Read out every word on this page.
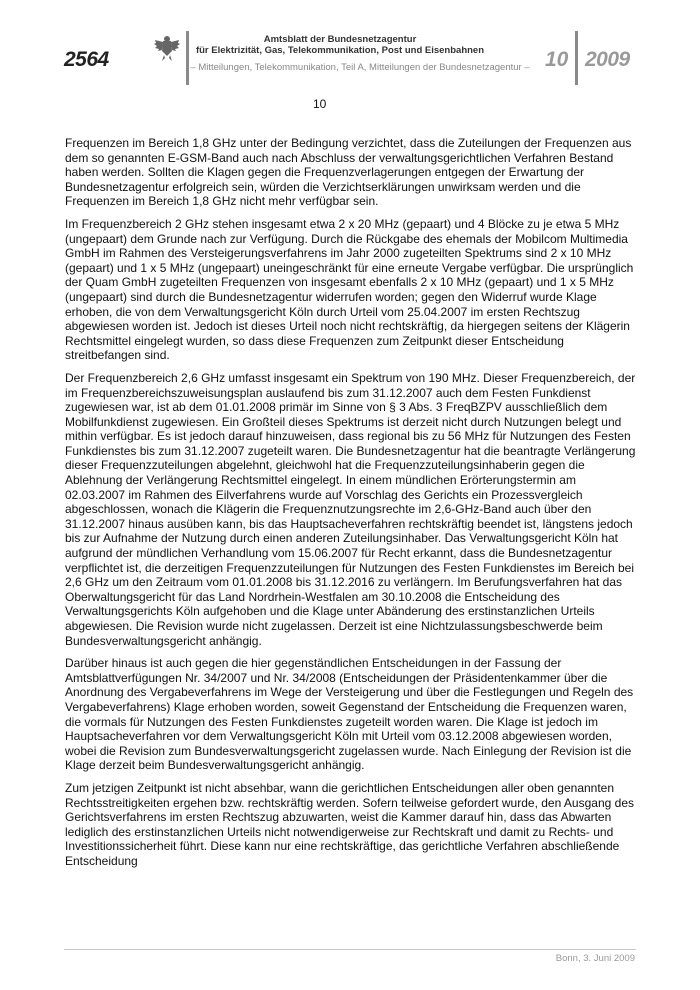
2564
Amtsblatt der Bundesnetzagentur
für Elektrizität, Gas, Telekommunikation, Post und Eisenbahnen
– Mitteilungen, Telekommunikation, Teil A, Mitteilungen der Bundesnetzagentur – 10 2009
10

Frequenzen im Bereich 1,8 GHz unter der Bedingung verzichtet, dass die Zuteilungen der Frequenzen aus dem so genannten E-GSM-Band auch nach Abschluss der verwaltungsgerichtlichen Verfahren Bestand haben werden. Sollten die Klagen gegen die Frequenzverlagerungen entgegen der Erwartung der Bundesnetzagentur erfolgreich sein, würden die Verzichtserklärungen unwirksam werden und die Frequenzen im Bereich 1,8 GHz nicht mehr verfügbar sein.

Im Frequenzbereich 2 GHz stehen insgesamt etwa 2 x 20 MHz (gepaart) und 4 Blöcke zu je etwa 5 MHz (ungepaart) dem Grunde nach zur Verfügung. Durch die Rückgabe des ehemals der Mobilcom Multimedia GmbH im Rahmen des Versteigerungsverfahrens im Jahr 2000 zugeteilten Spektrums sind 2 x 10 MHz (gepaart) und 1 x 5 MHz (ungepaart) uneingeschränkt für eine erneute Vergabe verfügbar. Die ursprünglich der Quam GmbH zugeteilten Frequenzen von insgesamt ebenfalls 2 x 10 MHz (gepaart) und 1 x 5 MHz (ungepaart) sind durch die Bundesnetzagentur widerrufen worden; gegen den Widerruf wurde Klage erhoben, die von dem Verwaltungsgericht Köln durch Urteil vom 25.04.2007 im ersten Rechtszug abgewiesen worden ist. Jedoch ist dieses Urteil noch nicht rechtskräftig, da hiergegen seitens der Klägerin Rechtsmittel eingelegt wurden, so dass diese Frequenzen zum Zeitpunkt dieser Entscheidung streitbefangen sind.

Der Frequenzbereich 2,6 GHz umfasst insgesamt ein Spektrum von 190 MHz. Dieser Frequenzbereich, der im Frequenzbereichszuweisungsplan auslaufend bis zum 31.12.2007 auch dem Festen Funkdienst zugewiesen war, ist ab dem 01.01.2008 primär im Sinne von § 3 Abs. 3 FreqBZPV ausschließlich dem Mobilfunkdienst zugewiesen. Ein Großteil dieses Spektrums ist derzeit nicht durch Nutzungen belegt und mithin verfügbar. Es ist jedoch darauf hinzuweisen, dass regional bis zu 56 MHz für Nutzungen des Festen Funkdienstes bis zum 31.12.2007 zugeteilt waren. Die Bundesnetzagentur hat die beantragte Verlängerung dieser Frequenzzuteilungen abgelehnt, gleichwohl hat die Frequenzzuteilungsinhaberin gegen die Ablehnung der Verlängerung Rechtsmittel eingelegt. In einem mündlichen Erörterungstermin am 02.03.2007 im Rahmen des Eilverfahrens wurde auf Vorschlag des Gerichts ein Prozessvergleich abgeschlossen, wonach die Klägerin die Frequenznutzungsrechte im 2,6-GHz-Band auch über den 31.12.2007 hinaus ausüben kann, bis das Hauptsacheverfahren rechtskräftig beendet ist, längstens jedoch bis zur Aufnahme der Nutzung durch einen anderen Zuteilungsinhaber. Das Verwaltungsgericht Köln hat aufgrund der mündlichen Verhandlung vom 15.06.2007 für Recht erkannt, dass die Bundesnetzagentur verpflichtet ist, die derzeitigen Frequenzzuteilungen für Nutzungen des Festen Funkdienstes im Bereich bei 2,6 GHz um den Zeitraum vom 01.01.2008 bis 31.12.2016 zu verlängern. Im Berufungsverfahren hat das Oberwaltungsgericht für das Land Nordrhein-Westfalen am 30.10.2008 die Entscheidung des Verwaltungsgerichts Köln aufgehoben und die Klage unter Abänderung des erstinstanzlichen Urteils abgewiesen. Die Revision wurde nicht zugelassen. Derzeit ist eine Nichtzulassungsbeschwerde beim Bundesverwaltungsgericht anhängig.

Darüber hinaus ist auch gegen die hier gegenständlichen Entscheidungen in der Fassung der Amtsblattverfügungen Nr. 34/2007 und Nr. 34/2008 (Entscheidungen der Präsidentenkammer über die Anordnung des Vergabeverfahrens im Wege der Versteigerung und über die Festlegungen und Regeln des Vergabeverfahrens) Klage erhoben worden, soweit Gegenstand der Entscheidung die Frequenzen waren, die vormals für Nutzungen des Festen Funkdienstes zugeteilt worden waren. Die Klage ist jedoch im Hauptsacheverfahren vor dem Verwaltungsgericht Köln mit Urteil vom 03.12.2008 abgewiesen worden, wobei die Revision zum Bundesverwaltungsgericht zugelassen wurde. Nach Einlegung der Revision ist die Klage derzeit beim Bundesverwaltungsgericht anhängig.

Zum jetzigen Zeitpunkt ist nicht absehbar, wann die gerichtlichen Entscheidungen aller oben genannten Rechtsstreitigkeiten ergehen bzw. rechtskräftig werden. Sofern teilweise gefordert wurde, den Ausgang des Gerichtsverfahrens im ersten Rechtszug abzuwarten, weist die Kammer darauf hin, dass das Abwarten lediglich des erstinstanzlichen Urteils nicht notwendigerweise zur Rechtskraft und damit zu Rechts- und Investitionssicherheit führt. Diese kann nur eine rechtskräftige, das gerichtliche Verfahren abschließende Entscheidung

Bonn, 3. Juni 2009
